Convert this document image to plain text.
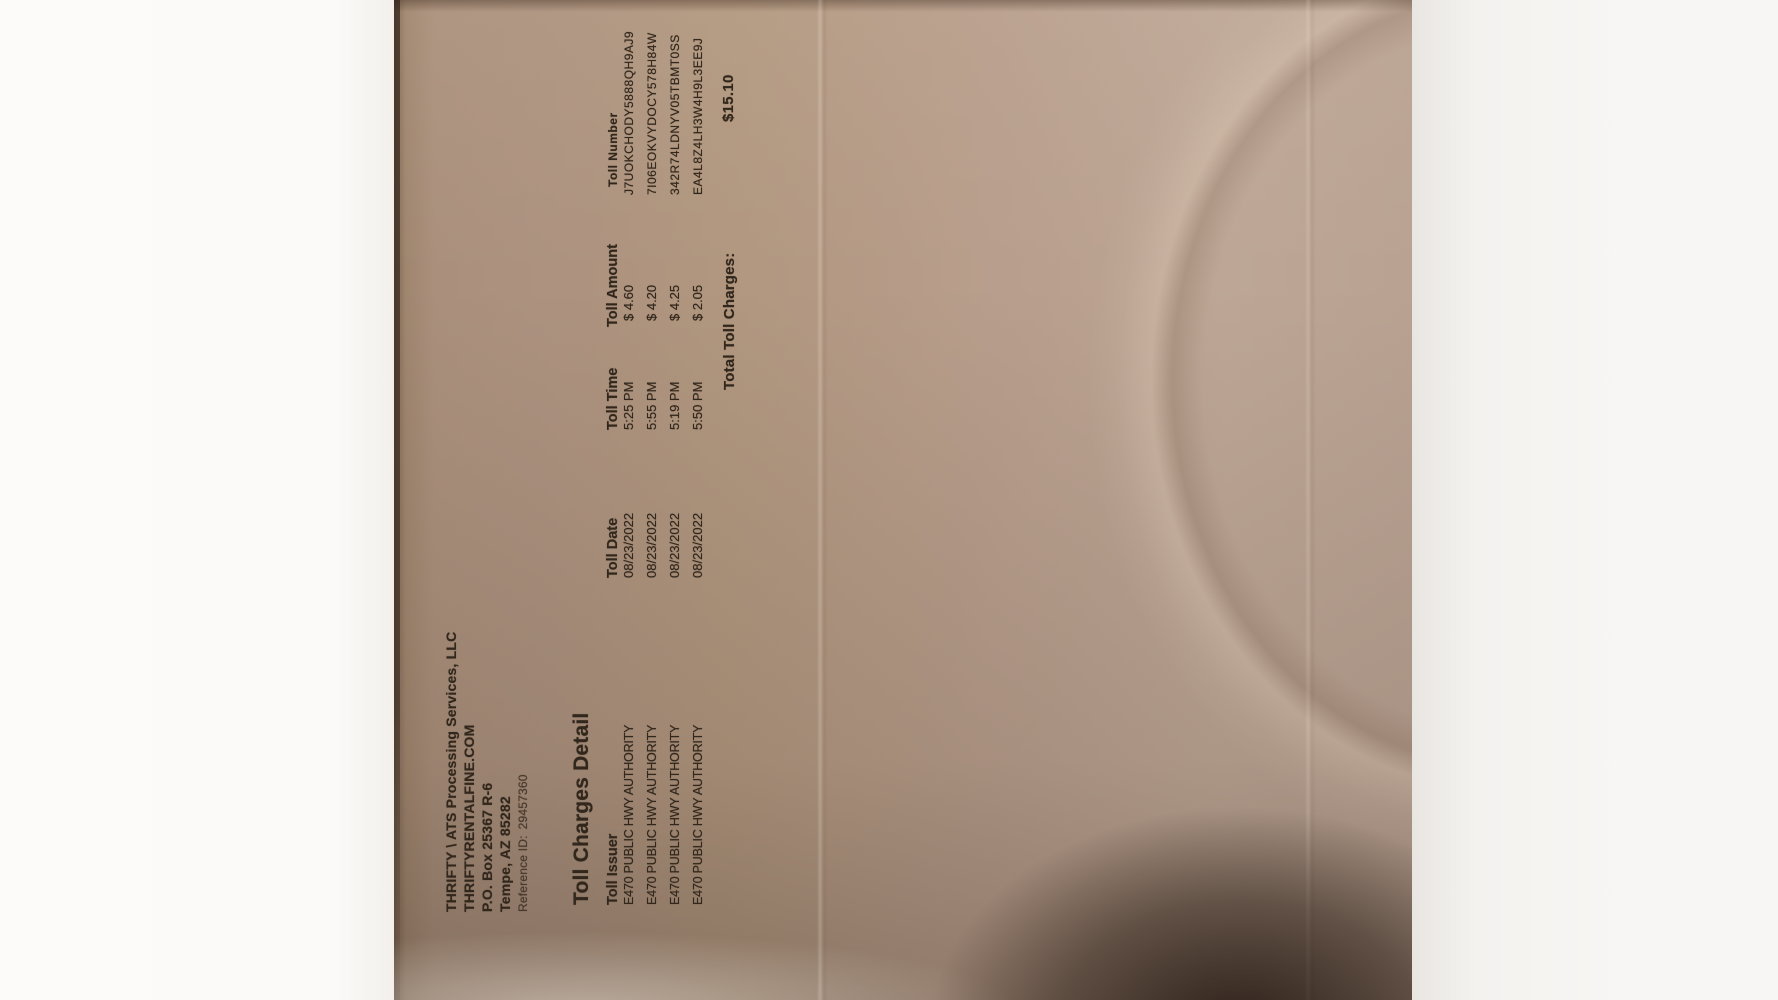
THRIFTY \ ATS Processing Services, LLC THRIFTYRENTALFINE.COM P.O. Box 25367 R-6 Tempe, AZ 85282 Reference ID:29457360 Toll Charges Detail Toll Issuer
Toll Date
Toll Time
Toll Amount
Toll Number
E470 PUBLIC HWY AUTHORITY
08/23/2022
5:25 PM
$ 4.60
J7UOKCHODY5888QH9AJ9
E470 PUBLIC HWY AUTHORITY
08/23/2022
5:55 PM
$ 4.20
7I06EOKVYDOCY578H84W
E470 PUBLIC HWY AUTHORITY
08/23/2022
5:19 PM
$ 4.25
342R74LDNYV05TBMT0SS
E470 PUBLIC HWY AUTHORITY
08/23/2022
5:50 PM
$ 2.05
EA4L8Z4LH3W4H9L3EE9J
Total Toll Charges:
$15.10
